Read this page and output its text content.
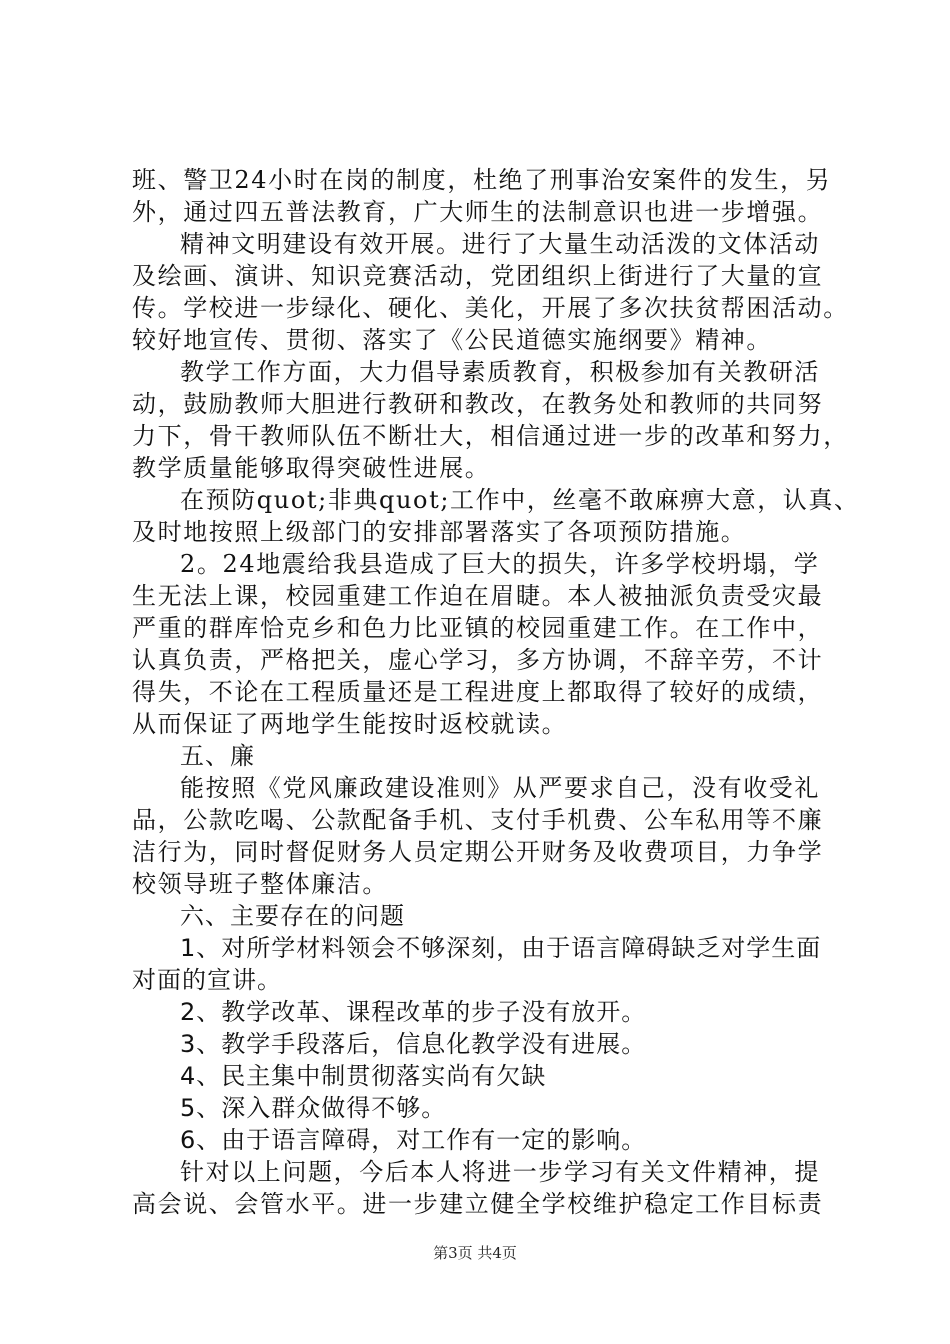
班、警卫24小时在岗的制度，杜绝了刑事治安案件的发生，另
外，通过四五普法教育，广大师生的法制意识也进一步增强。
精神文明建设有效开展。进行了大量生动活泼的文体活动
及绘画、演讲、知识竞赛活动，党团组织上街进行了大量的宣
传。学校进一步绿化、硬化、美化，开展了多次扶贫帮困活动。
较好地宣传、贯彻、落实了《公民道德实施纲要》精神。
教学工作方面，大力倡导素质教育，积极参加有关教研活
动，鼓励教师大胆进行教研和教改，在教务处和教师的共同努
力下，骨干教师队伍不断壮大，相信通过进一步的改革和努力，
教学质量能够取得突破性进展。
在预防quot;非典quot;工作中，丝毫不敢麻痹大意，认真、
及时地按照上级部门的安排部署落实了各项预防措施。
2。24地震给我县造成了巨大的损失，许多学校坍塌，学
生无法上课，校园重建工作迫在眉睫。本人被抽派负责受灾最
严重的群库恰克乡和色力比亚镇的校园重建工作。在工作中，
认真负责，严格把关，虚心学习，多方协调，不辞辛劳，不计
得失，不论在工程质量还是工程进度上都取得了较好的成绩，
从而保证了两地学生能按时返校就读。
五、廉
能按照《党风廉政建设准则》从严要求自己，没有收受礼
品，公款吃喝、公款配备手机、支付手机费、公车私用等不廉
洁行为，同时督促财务人员定期公开财务及收费项目，力争学
校领导班子整体廉洁。
六、主要存在的问题
1、对所学材料领会不够深刻，由于语言障碍缺乏对学生面
对面的宣讲。
2、教学改革、课程改革的步子没有放开。
3、教学手段落后，信息化教学没有进展。
4、民主集中制贯彻落实尚有欠缺
5、深入群众做得不够。
6、由于语言障碍，对工作有一定的影响。
针对以上问题，今后本人将进一步学习有关文件精神，提
高会说、会管水平。进一步建立健全学校维护稳定工作目标责
第3页 共4页
